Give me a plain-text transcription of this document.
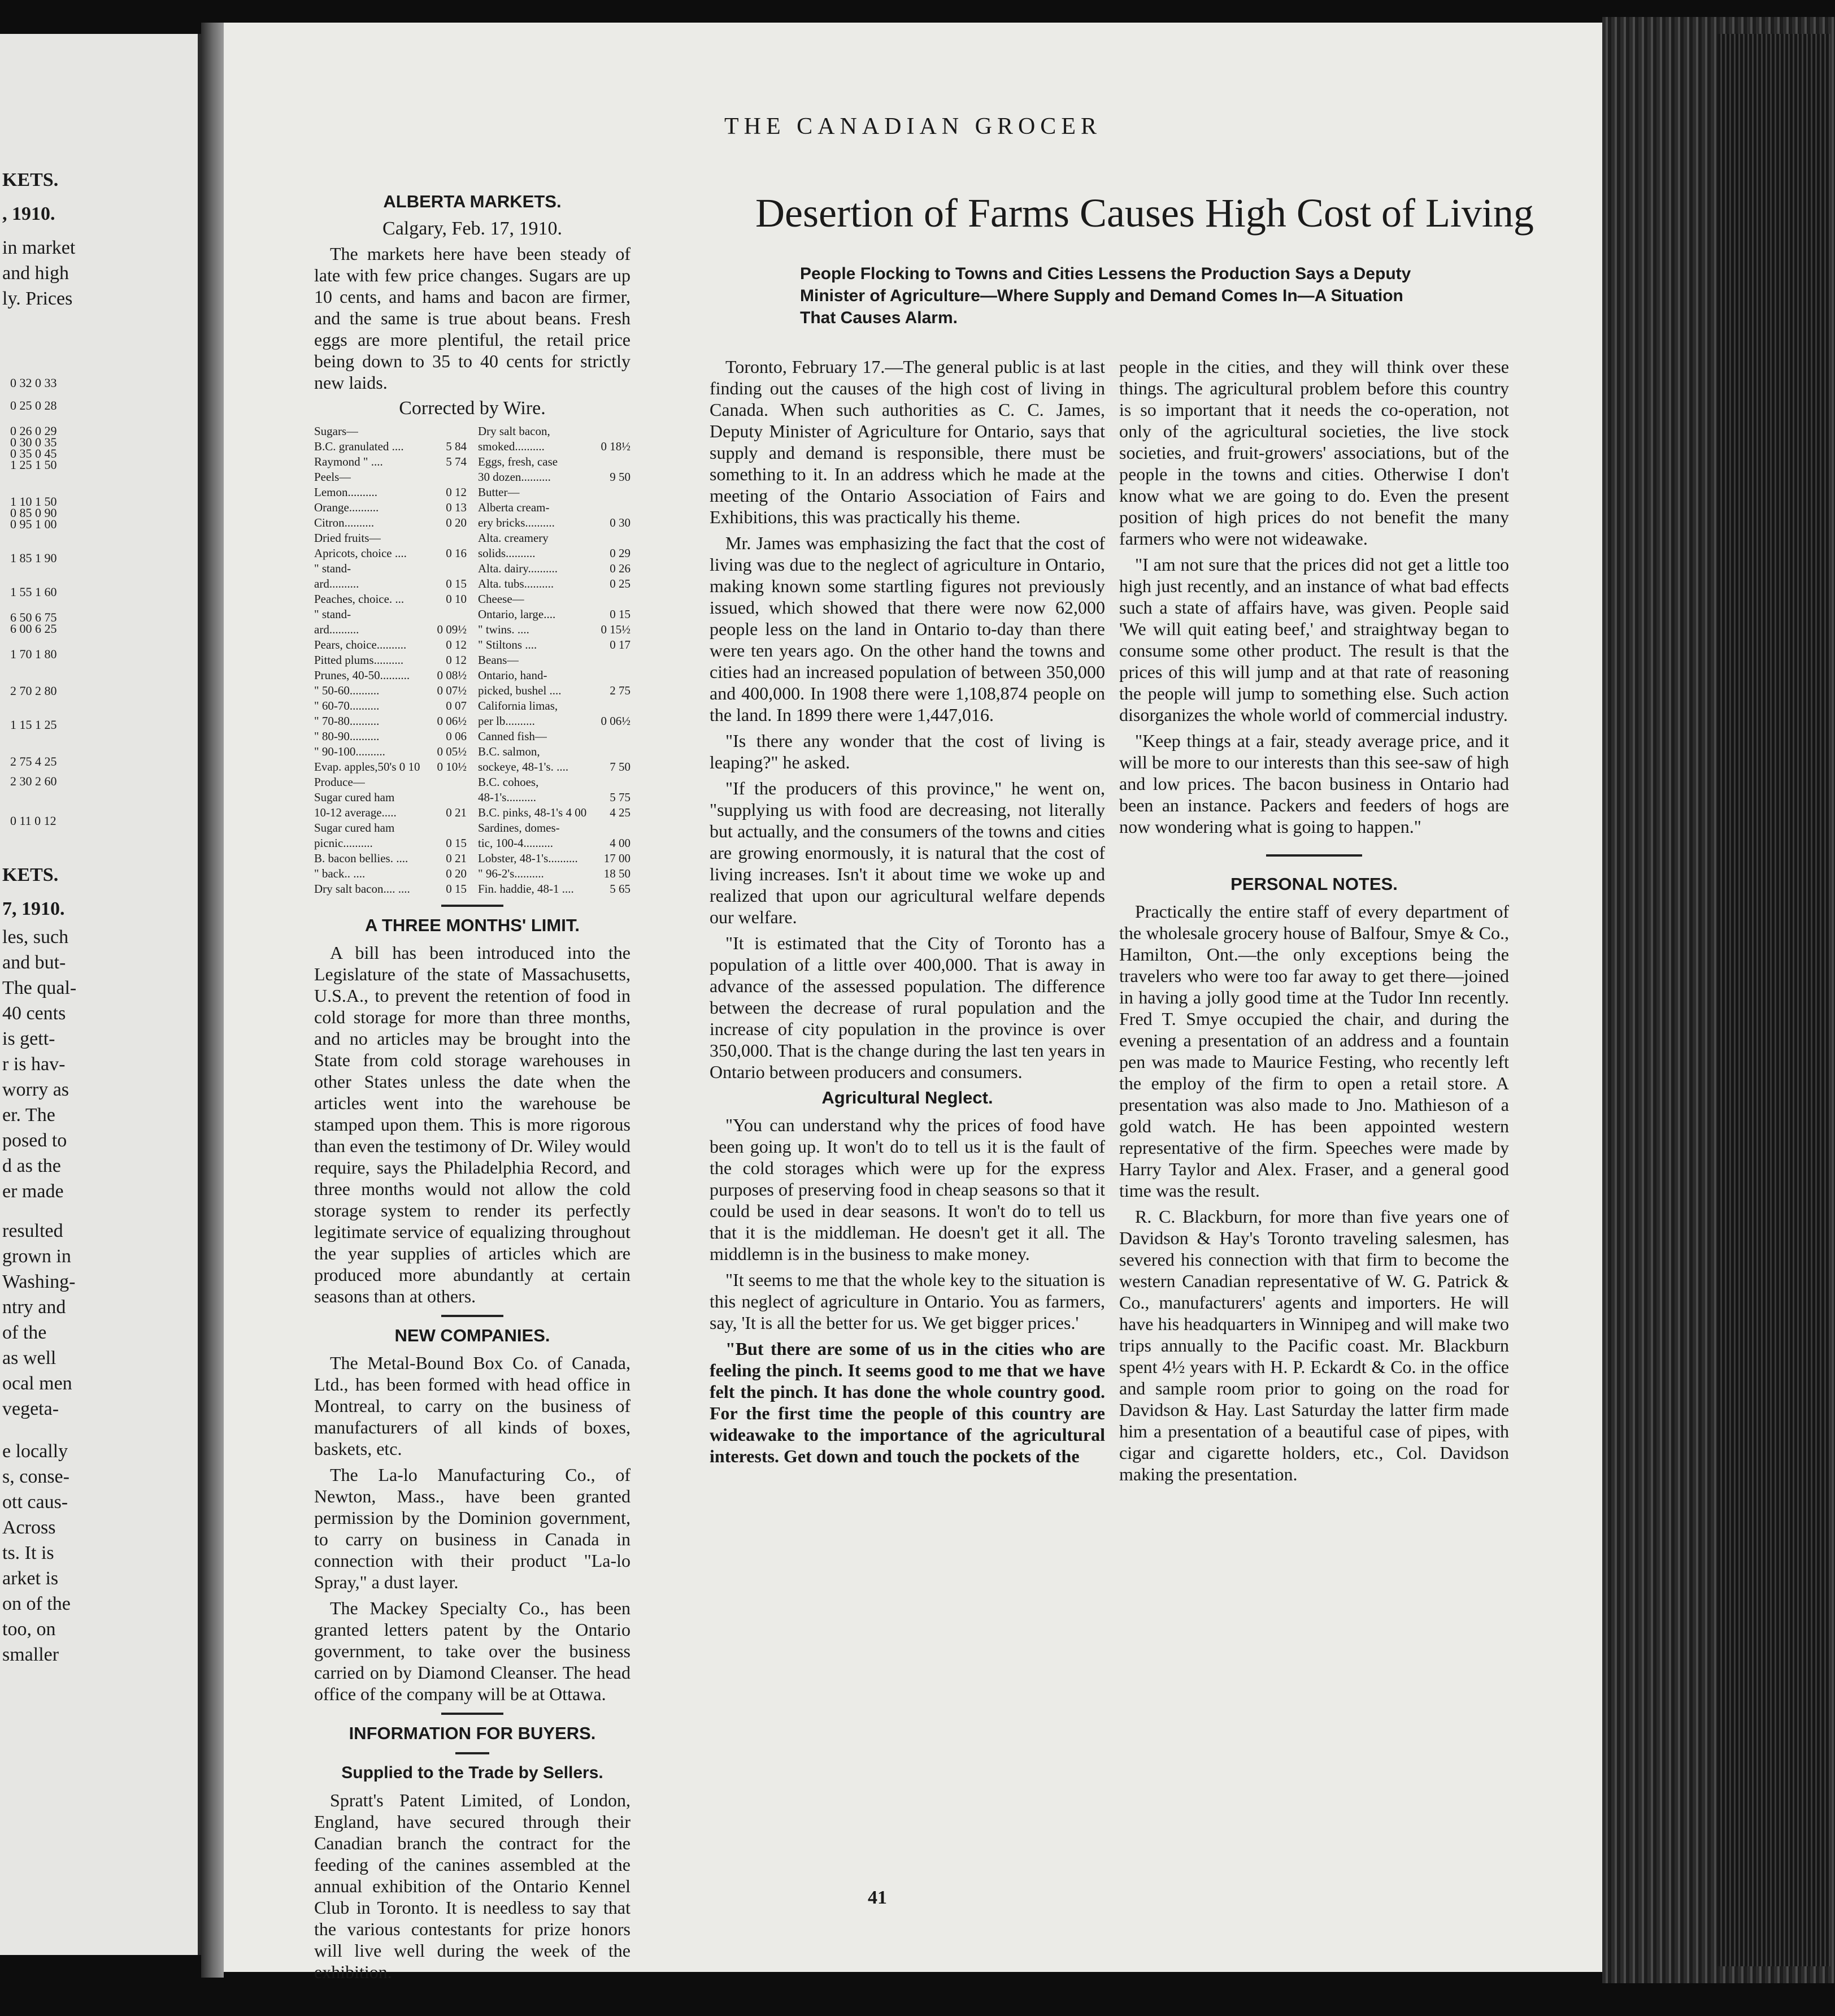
KETS.
, 1910.
in market
and high
ly. Prices
KETS.
7, 1910.
les, such
and but-
The qual-
40 cents
is gett-
r is hav-
worry as
er. The
posed to
d as the
er made
resulted
grown in
Washing-
ntry and
of the
as well
ocal men
vegeta-
e locally
s, conse-
ott caus-
Across
ts. It is
arket is
on of the
too, on
smaller
0 32 0 33
0 25 0 28
0 26 0 29
0 30 0 35
0 35 0 45
1 25 1 50
1 10 1 50
0 85 0 90
0 95 1 00
1 85 1 90
1 55 1 60
6 50 6 75
6 00 6 25
1 70 1 80
2 70 2 80
1 15 1 25
2 75 4 25
2 30 2 60
0 11 0 12
THE CANADIAN GROCER
ALBERTA MARKETS.
Calgary, Feb. 17, 1910.

The markets here have been steady of late with few price changes. Sugars are up 10 cents, and hams and bacon are firmer, and the same is true about beans. Fresh eggs are more plentiful, the retail price being down to 35 to 40 cents for strictly new laids.

Corrected by Wire.
Sugars—
B.C. granulated ....	5 84
Raymond " ....	5 74
Peels—
Lemon..........	0 12
Orange..........	0 13
Citron..........	0 20
Dried fruits—
Apricots, choice ....	0 16
" stand-
ard..........	0 15
Peaches, choice. ...	0 10
" stand-
ard..........	0 09½
Pears, choice..........	0 12
Pitted plums..........	0 12
Prunes, 40-50.......... 0 08½
" 50-60..........	0 07½
" 60-70..........	0 07
" 70-80..........	0 06½
" 80-90..........	0 06
" 90-100..........	0 05½
Evap. apples,50's 0 10 0 10½
Produce—
Sugar cured ham
10-12 average.....	0 21
Sugar cured ham
picnic..........	0 15
B. bacon bellies. ....	0 21
" back.. ....	0 20
Dry salt bacon.... ....	0 15
Dry salt bacon,
smoked..........	0 18½
Eggs, fresh, case
30 dozen..........	9 50
Butter—
Alberta cream-
ery bricks..........	0 30
Alta. creamery
solids..........	0 29
Alta. dairy..........	0 26
Alta. tubs..........	0 25
Cheese—
Ontario, large....	0 15
" twins. ....	0 15½
" Stiltons ....	0 17
Beans—
Ontario, hand-
picked, bushel ....	2 75
California limas,
per lb..........	0 06½
Canned fish—
B.C. salmon,
sockeye, 48-1's. ....	7 50
B.C. cohoes,
48-1's..........	5 75
B.C. pinks, 48-1's 4 00 4 25
Sardines, domes-
tic, 100-4..........	4 00
Lobster, 48-1's.......... 17 00
" 96-2's..........	18 50
Fin. haddie, 48-1 ....	5 65
A THREE MONTHS' LIMIT.

A bill has been introduced into the Legislature of the state of Massachusetts, U.S.A., to prevent the retention of food in cold storage for more than three months, and no articles may be brought into the State from cold storage warehouses in other States unless the date when the articles went into the warehouse be stamped upon them. This is more rigorous than even the testimony of Dr. Wiley would require, says the Philadelphia Record, and three months would not allow the cold storage system to render its perfectly legitimate service of equalizing throughout the year supplies of articles which are produced more abundantly at certain seasons than at others.

NEW COMPANIES.

The Metal-Bound Box Co. of Canada, Ltd., has been formed with head office in Montreal, to carry on the business of manufacturers of all kinds of boxes, baskets, etc.

The La-lo Manufacturing Co., of Newton, Mass., have been granted permission by the Dominion government, to carry on business in Canada in connection with their product "La-lo Spray," a dust layer.

The Mackey Specialty Co., has been granted letters patent by the Ontario government, to take over the business carried on by Diamond Cleanser. The head office of the company will be at Ottawa.

INFORMATION FOR BUYERS.
Supplied to the Trade by Sellers.

Spratt's Patent Limited, of London, England, have secured through their Canadian branch the contract for the feeding of the canines assembled at the annual exhibition of the Ontario Kennel Club in Toronto. It is needless to say that the various contestants for prize honors will live well during the week of the exhibition.

Desertion of Farms Causes High Cost of Living
People Flocking to Towns and Cities Lessens the Production Says a Deputy Minister of Agriculture—Where Supply and Demand Comes In—A Situation That Causes Alarm.

Toronto, February 17.—The general public is at last finding out the causes of the high cost of living in Canada. When such authorities as C. C. James, Deputy Minister of Agriculture for Ontario, says that supply and demand is responsible, there must be something to it. In an address which he made at the meeting of the Ontario Association of Fairs and Exhibitions, this was practically his theme.

Mr. James was emphasizing the fact that the cost of living was due to the neglect of agriculture in Ontario, making known some startling figures not previously issued, which showed that there were now 62,000 people less on the land in Ontario to-day than there were ten years ago. On the other hand the towns and cities had an increased population of between 350,000 and 400,000. In 1908 there were 1,108,874 people on the land. In 1899 there were 1,447,016.

"Is there any wonder that the cost of living is leaping?" he asked.

"If the producers of this province," he went on, "supplying us with food are decreasing, not literally but actually, and the consumers of the towns and cities are growing enormously, it is natural that the cost of living increases. Isn't it about time we woke up and realized that upon our agricultural welfare depends our welfare.

"It is estimated that the City of Toronto has a population of a little over 400,000. That is away in advance of the assessed population. The difference between the decrease of rural population and the increase of city population in the province is over 350,000. That is the change during the last ten years in Ontario between producers and consumers.

Agricultural Neglect.

"You can understand why the prices of food have been going up. It won't do to tell us it is the fault of the cold storages which were up for the express purposes of preserving food in cheap seasons so that it could be used in dear seasons. It won't do to tell us that it is the middleman. He doesn't get it all. The middlemn is in the business to make money.

"It seems to me that the whole key to the situation is this neglect of agriculture in Ontario. You as farmers, say, 'It is all the better for us. We get bigger prices.'

"But there are some of us in the cities who are feeling the pinch. It seems good to me that we have felt the pinch. It has done the whole country good. For the first time the people of this country are wideawake to the importance of the agricultural interests. Get down and touch the pockets of the

people in the cities, and they will think over these things. The agricultural problem before this country is so important that it needs the co-operation, not only of the agricultural societies, the live stock societies, and fruit-growers' associations, but of the people in the towns and cities. Otherwise I don't know what we are going to do. Even the present position of high prices do not benefit the many farmers who were not wideawake.

"I am not sure that the prices did not get a little too high just recently, and an instance of what bad effects such a state of affairs have, was given. People said 'We will quit eating beef,' and straightway began to consume some other product. The result is that the prices of this will jump and at that rate of reasoning the people will jump to something else. Such action disorganizes the whole world of commercial industry.

"Keep things at a fair, steady average price, and it will be more to our interests than this see-saw of high and low prices. The bacon business in Ontario had been an instance. Packers and feeders of hogs are now wondering what is going to happen."

PERSONAL NOTES.

Practically the entire staff of every department of the wholesale grocery house of Balfour, Smye & Co., Hamilton, Ont.—the only exceptions being the travelers who were too far away to get there—joined in having a jolly good time at the Tudor Inn recently. Fred T. Smye occupied the chair, and during the evening a presentation of an address and a fountain pen was made to Maurice Festing, who recently left the employ of the firm to open a retail store. A presentation was also made to Jno. Mathieson of a gold watch. He has been appointed western representative of the firm. Speeches were made by Harry Taylor and Alex. Fraser, and a general good time was the result.

R. C. Blackburn, for more than five years one of Davidson & Hay's Toronto traveling salesmen, has severed his connection with that firm to become the western Canadian representative of W. G. Patrick & Co., manufacturers' agents and importers. He will have his headquarters in Winnipeg and will make two trips annually to the Pacific coast. Mr. Blackburn spent 4½ years with H. P. Eckardt & Co. in the office and sample room prior to going on the road for Davidson & Hay. Last Saturday the latter firm made him a presentation of a beautiful case of pipes, with cigar and cigarette holders, etc., Col. Davidson making the presentation.

41
